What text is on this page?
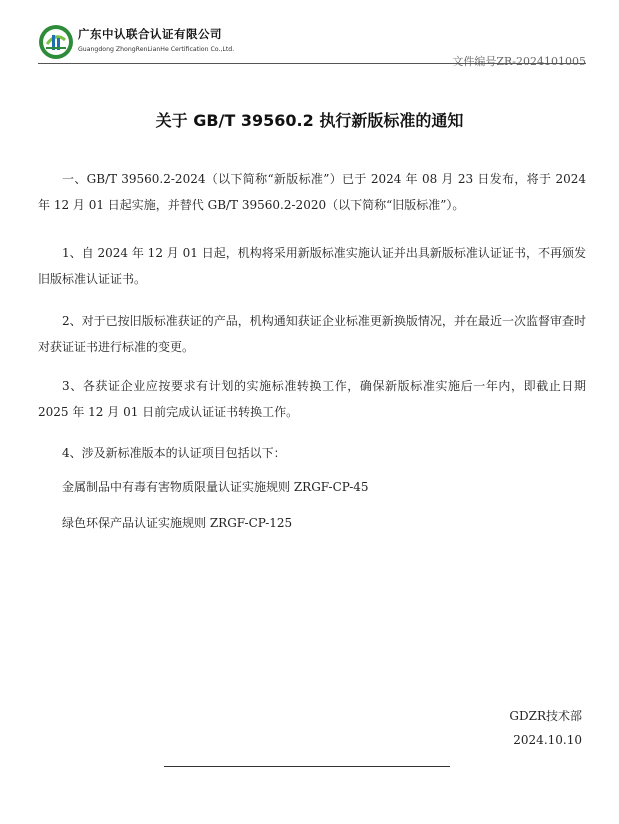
广东中认联合认证有限公司
Guangdong ZhongRenLianHe Certification Co.,Ltd.
文件编号ZR-2024101005
关于 GB/T 39560.2 执行新版标准的通知

一、GB/T 39560.2-2024（以下简称“新版标准”）已于 2024 年 08 月 23 日发布，将于 2024 年 12 月 01 日起实施，并替代 GB/T 39560.2-2020（以下简称“旧版标准”）。

1、自 2024 年 12 月 01 日起，机构将采用新版标准实施认证并出具新版标准认证证书，不再颁发旧版标准认证证书。

2、对于已按旧版标准获证的产品，机构通知获证企业标准更新换版情况，并在最近一次监督审查时对获证证书进行标准的变更。

3、各获证企业应按要求有计划的实施标准转换工作，确保新版标准实施后一年内，即截止日期 2025 年 12 月 01 日前完成认证证书转换工作。

4、涉及新标准版本的认证项目包括以下：

金属制品中有毒有害物质限量认证实施规则 ZRGF-CP-45

绿色环保产品认证实施规则 ZRGF-CP-125

GDZR技术部
2024.10.10
